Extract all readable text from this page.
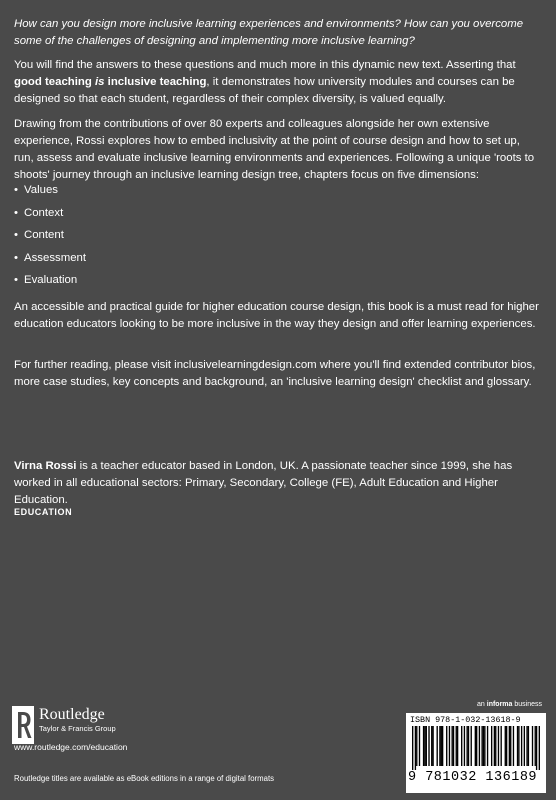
How can you design more inclusive learning experiences and environments? How can you overcome some of the challenges of designing and implementing more inclusive learning?

You will find the answers to these questions and much more in this dynamic new text. Asserting that good teaching is inclusive teaching, it demonstrates how university modules and courses can be designed so that each student, regardless of their complex diversity, is valued equally.

Drawing from the contributions of over 80 experts and colleagues alongside her own extensive experience, Rossi explores how to embed inclusivity at the point of course design and how to set up, run, assess and evaluate inclusive learning environments and experiences. Following a unique 'roots to shoots' journey through an inclusive learning design tree, chapters focus on five dimensions:

• Values
• Context
• Content
• Assessment
• Evaluation

An accessible and practical guide for higher education course design, this book is a must read for higher education educators looking to be more inclusive in the way they design and offer learning experiences.

For further reading, please visit inclusivelearningdesign.com where you'll find extended contributor bios, more case studies, key concepts and background, an 'inclusive learning design' checklist and glossary.

Virna Rossi is a teacher educator based in London, UK. A passionate teacher since 1999, she has worked in all educational sectors: Primary, Secondary, College (FE), Adult Education and Higher Education.

EDUCATION
Routledge
Taylor & Francis Group
www.routledge.com/education
Routledge titles are available as eBook editions in a range of digital formats
an informa business
ISBN 978-1-032-13618-9
9 781032 136189
